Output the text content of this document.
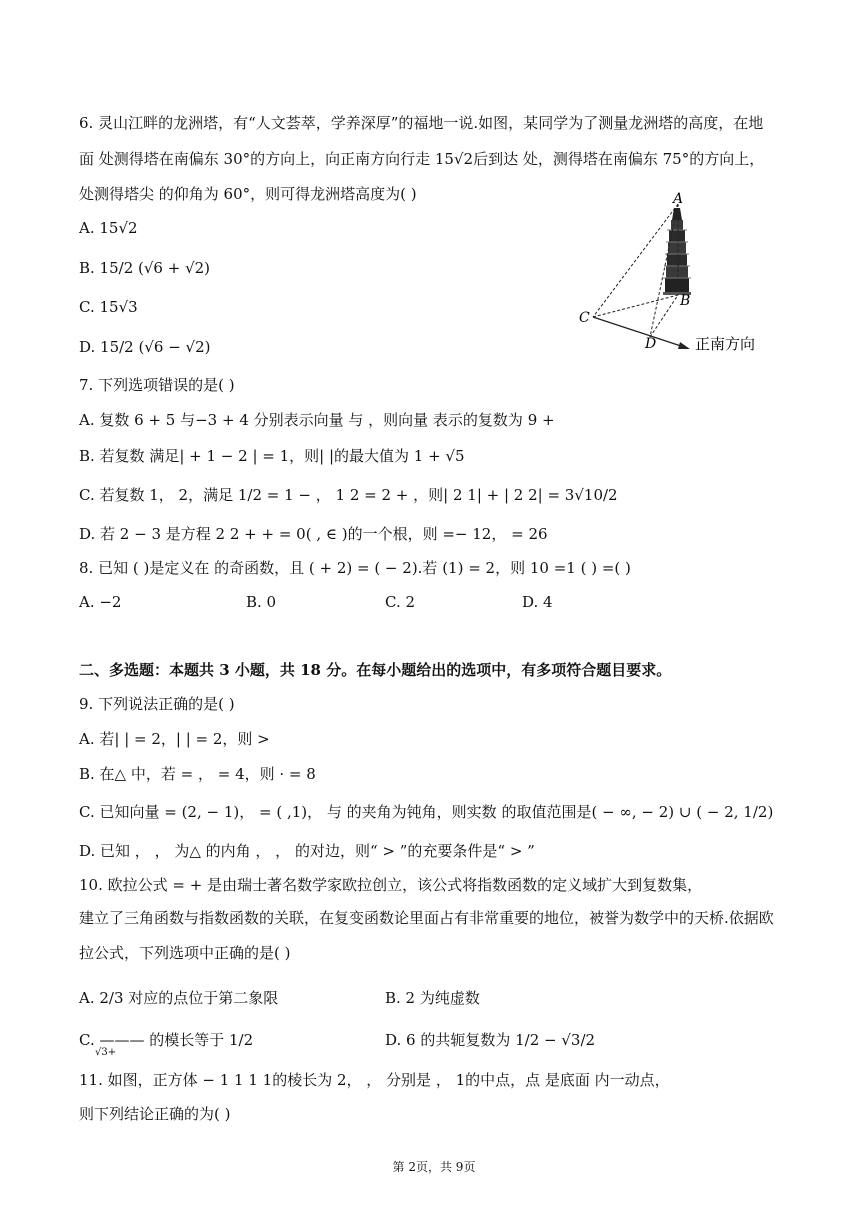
6. 灵山江畔的龙洲塔，有“人文荟萃，学养深厚”的福地一说.如图，某同学为了测量龙洲塔的高度，在地
面 处测得塔在南偏东 30°的方向上，向正南方向行走 15√2后到达 处，测得塔在南偏东 75°的方向上，
处测得塔尖 的仰角为 60°，则可得龙洲塔高度为( )
A. 15√2
B. 15/2 (√6 + √2)
C. 15√3
D. 15/2 (√6 − √2)
A
B
C
D	正南方向
7. 下列选项错误的是( )
A. 复数 6 + 5 与−3 + 4 分别表示向量 与 ，则向量 表示的复数为 9 +
B. 若复数 满足| + 1 − 2 | = 1，则| |的最大值为 1 + √5
C. 若复数 1， 2，满足 1/2 = 1 − ， 1 2 = 2 + ，则| 2 1| + | 2 2| = 3√10/2
D. 若 2 − 3 是方程 2 2 + + = 0( , ∈ )的一个根，则 =− 12， = 26
8. 已知 ( )是定义在 的奇函数，且 ( + 2) = ( − 2).若 (1) = 2，则 10 =1 ( ) =( )
A. −2	B. 0	C. 2	D. 4
二、多选题：本题共 3 小题，共 18 分。在每小题给出的选项中，有多项符合题目要求。
9. 下列说法正确的是( )
A. 若| | = 2，| | = 2，则 >
B. 在△ 中，若 = ， = 4，则 · = 8
C. 已知向量 = (2, − 1)， = ( ,1)， 与 的夹角为钝角，则实数 的取值范围是( − ∞, − 2) ∪ ( − 2, 1/2)
D. 已知 ， ， 为△ 的内角 ， ， 的对边，则“ > ”的充要条件是“ > ”
10. 欧拉公式 = + 是由瑞士著名数学家欧拉创立，该公式将指数函数的定义域扩大到复数集，
建立了三角函数与指数函数的关联，在复变函数论里面占有非常重要的地位，被誉为数学中的天桥.依据欧
拉公式，下列选项中正确的是( )
A. 2/3 对应的点位于第二象限	B. 2 为纯虚数
C. ——— 的模长等于 1/2
√3+
D. 6 的共轭复数为 1/2 − √3/2
11. 如图，正方体 − 1 1 1 1的棱长为 2， ， 分别是 ， 1的中点，点 是底面 内一动点，
则下列结论正确的为( )
第 2页，共 9页
